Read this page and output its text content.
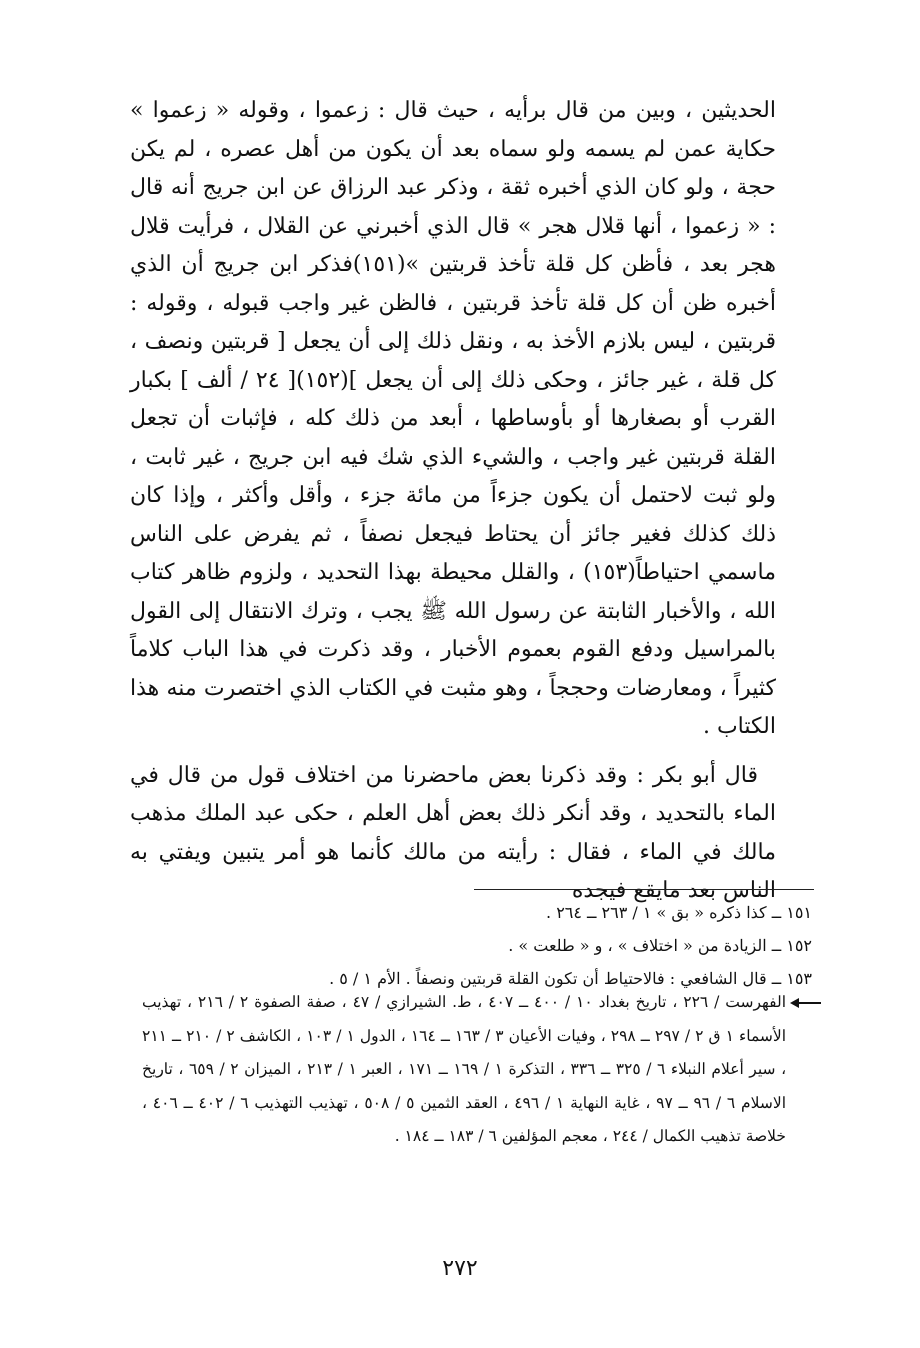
الحديثين ، وبين من قال برأيه ، حيث قال : زعموا ، وقوله « زعموا » حكاية عمن لم يسمه ولو سماه بعد أن يكون من أهل عصره ، لم يكن حجة ، ولو كان الذي أخبره ثقة ، وذكر عبد الرزاق عن ابن جريج أنه قال : « زعموا ، أنها قلال هجر » قال الذي أخبرني عن القلال ، فرأيت قلال هجر بعد ، فأظن كل قلة تأخذ قربتين »(١٥١)فذكر ابن جريج أن الذي أخبره ظن أن كل قلة تأخذ قربتين ، فالظن غير واجب قبوله ، وقوله : قربتين ، ليس بلازم الأخذ به ، ونقل ذلك إلى أن يجعل [ قربتين ونصف ، كل قلة ، غير جائز ، وحكى ذلك إلى أن يجعل ](١٥٢)[ ٢٤ / ألف ] بكبار القرب أو بصغارها أو بأوساطها ، أبعد من ذلك كله ، فإثبات أن تجعل القلة قربتين غير واجب ، والشيء الذي شك فيه ابن جريج ، غير ثابت ، ولو ثبت لاحتمل أن يكون جزءاً من مائة جزء ، وأقل وأكثر ، وإذا كان ذلك كذلك فغير جائز أن يحتاط فيجعل نصفاً ، ثم يفرض على الناس ماسمي احتياطاً(١٥٣) ، والقلل محيطة بهذا التحديد ، ولزوم ظاهر كتاب الله ، والأخبار الثابتة عن رسول الله ﷺ يجب ، وترك الانتقال إلى القول بالمراسيل ودفع القوم بعموم الأخبار ، وقد ذكرت في هذا الباب كلاماً كثيراً ، ومعارضات وحججاً ، وهو مثبت في الكتاب الذي اختصرت منه هذا الكتاب .

قال أبو بكر : وقد ذكرنا بعض ماحضرنا من اختلاف قول من قال في الماء بالتحديد ، وقد أنكر ذلك بعض أهل العلم ، حكى عبد الملك مذهب مالك في الماء ، فقال : رأيته من مالك كأنما هو أمر يتبين ويفتي به الناس بعد مايقع فيجده

١٥١ ــ كذا ذكره « بق » ١ / ٢٦٣ ــ ٢٦٤ .
١٥٢ ــ الزيادة من « اختلاف » ، و « طلعت » .
١٥٣ ــ قال الشافعي : فالاحتياط أن تكون القلة قربتين ونصفاً . الأم ١ / ٥ .
الفهرست / ٢٢٦ ، تاريخ بغداد ١٠ / ٤٠٠ ــ ٤٠٧ ، ط. الشيرازي / ٤٧ ، صفة الصفوة ٢ / ٢١٦ ، تهذيب الأسماء ١ ق ٢ / ٢٩٧ ــ ٢٩٨ ، وفيات الأعيان ٣ / ١٦٣ ــ ١٦٤ ، الدول ١ / ١٠٣ ، الكاشف ٢ / ٢١٠ ــ ٢١١ ، سير أعلام النبلاء ٦ / ٣٢٥ ــ ٣٣٦ ، التذكرة ١ / ١٦٩ ــ ١٧١ ، العبر ١ / ٢١٣ ، الميزان ٢ / ٦٥٩ ، تاريخ الاسلام ٦ / ٩٦ ــ ٩٧ ، غاية النهاية ١ / ٤٩٦ ، العقد الثمين ٥ / ٥٠٨ ، تهذيب التهذيب ٦ / ٤٠٢ ــ ٤٠٦ ، خلاصة تذهيب الكمال / ٢٤٤ ، معجم المؤلفين ٦ / ١٨٣ ــ ١٨٤ .
٢٧٢
